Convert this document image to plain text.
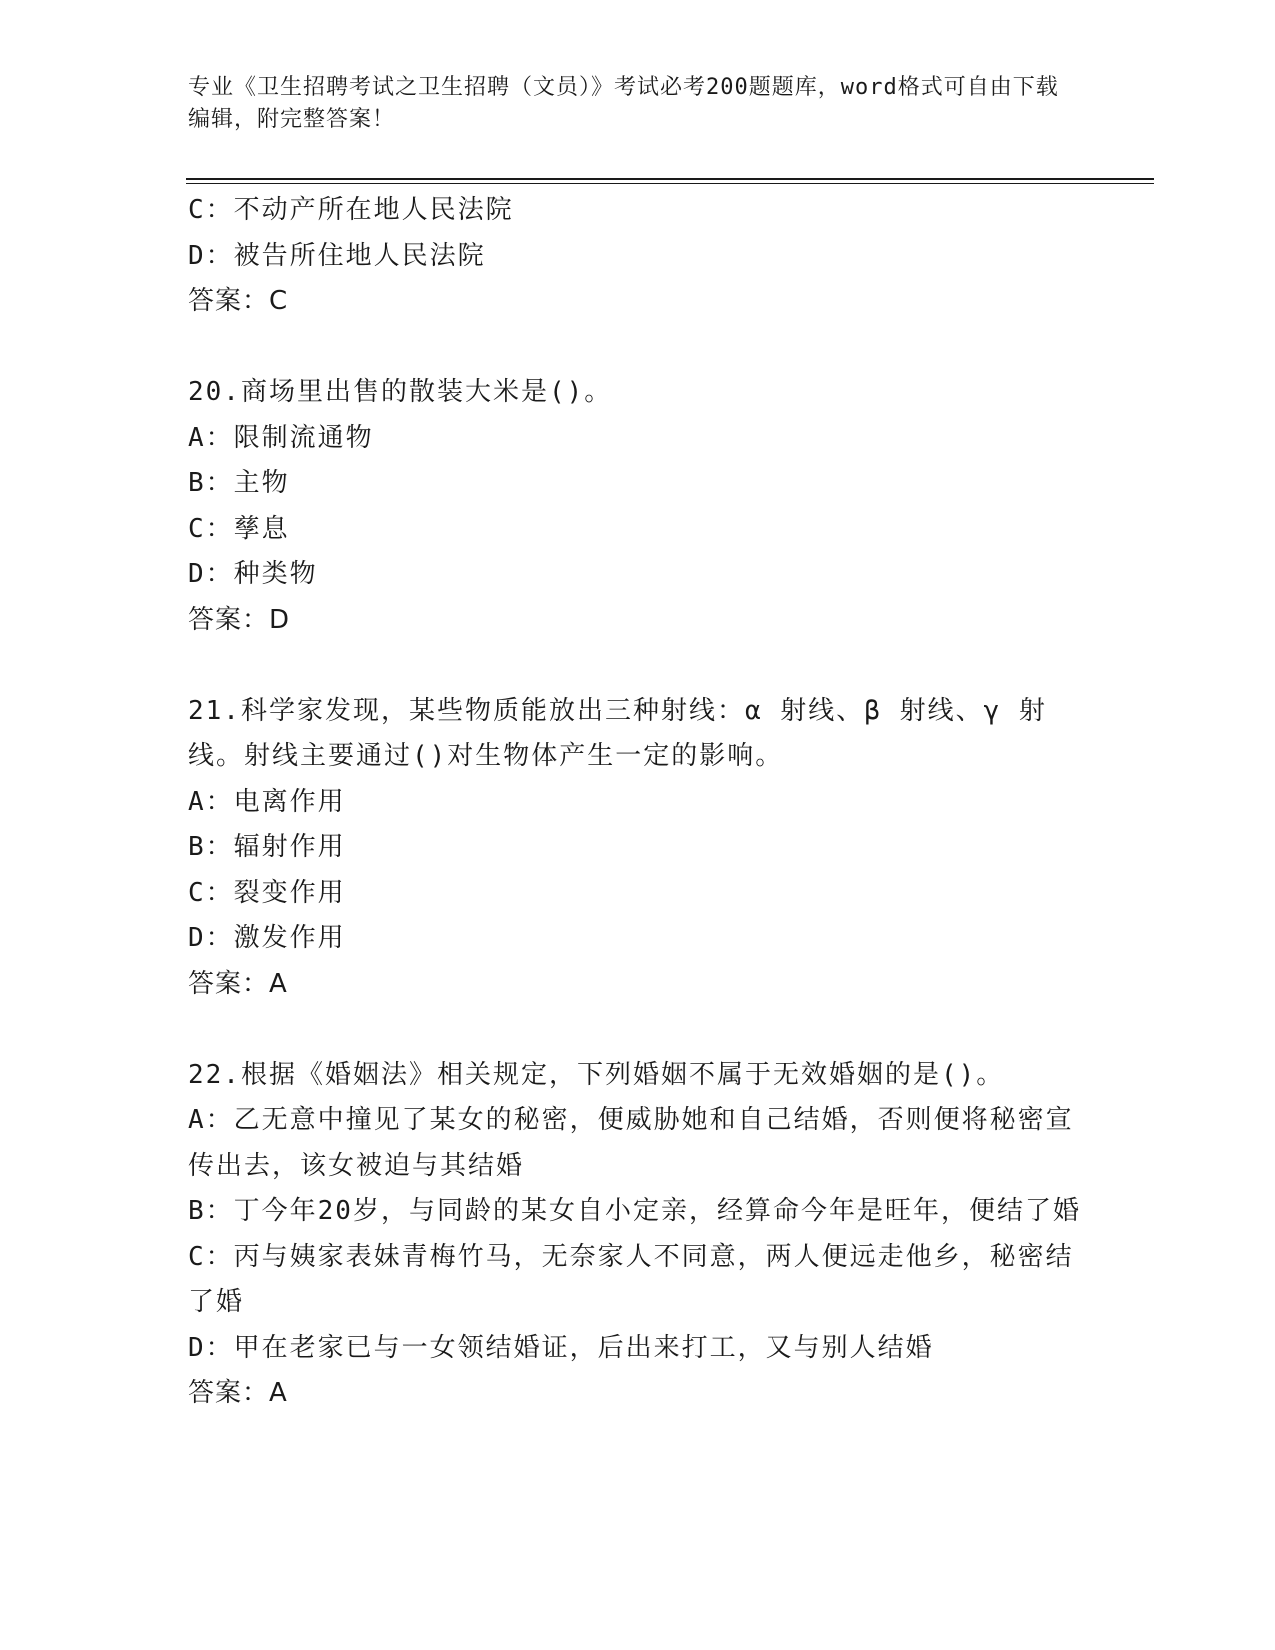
专业《卫生招聘考试之卫生招聘（文员）》考试必考200题题库，word格式可自由下载编辑，附完整答案！
C：不动产所在地人民法院
D：被告所住地人民法院
答案：C
20.商场里出售的散装大米是()。
A：限制流通物
B：主物
C：孳息
D：种类物
答案：D
21.科学家发现，某些物质能放出三种射线：α 射线、β 射线、γ 射线。射线主要通过()对生物体产生一定的影响。
A：电离作用
B：辐射作用
C：裂变作用
D：激发作用
答案：A
22.根据《婚姻法》相关规定，下列婚姻不属于无效婚姻的是()。
A：乙无意中撞见了某女的秘密，便威胁她和自己结婚，否则便将秘密宣传出去，该女被迫与其结婚
B：丁今年20岁，与同龄的某女自小定亲，经算命今年是旺年，便结了婚
C：丙与姨家表妹青梅竹马，无奈家人不同意，两人便远走他乡，秘密结了婚
D：甲在老家已与一女领结婚证，后出来打工，又与别人结婚
答案：A
